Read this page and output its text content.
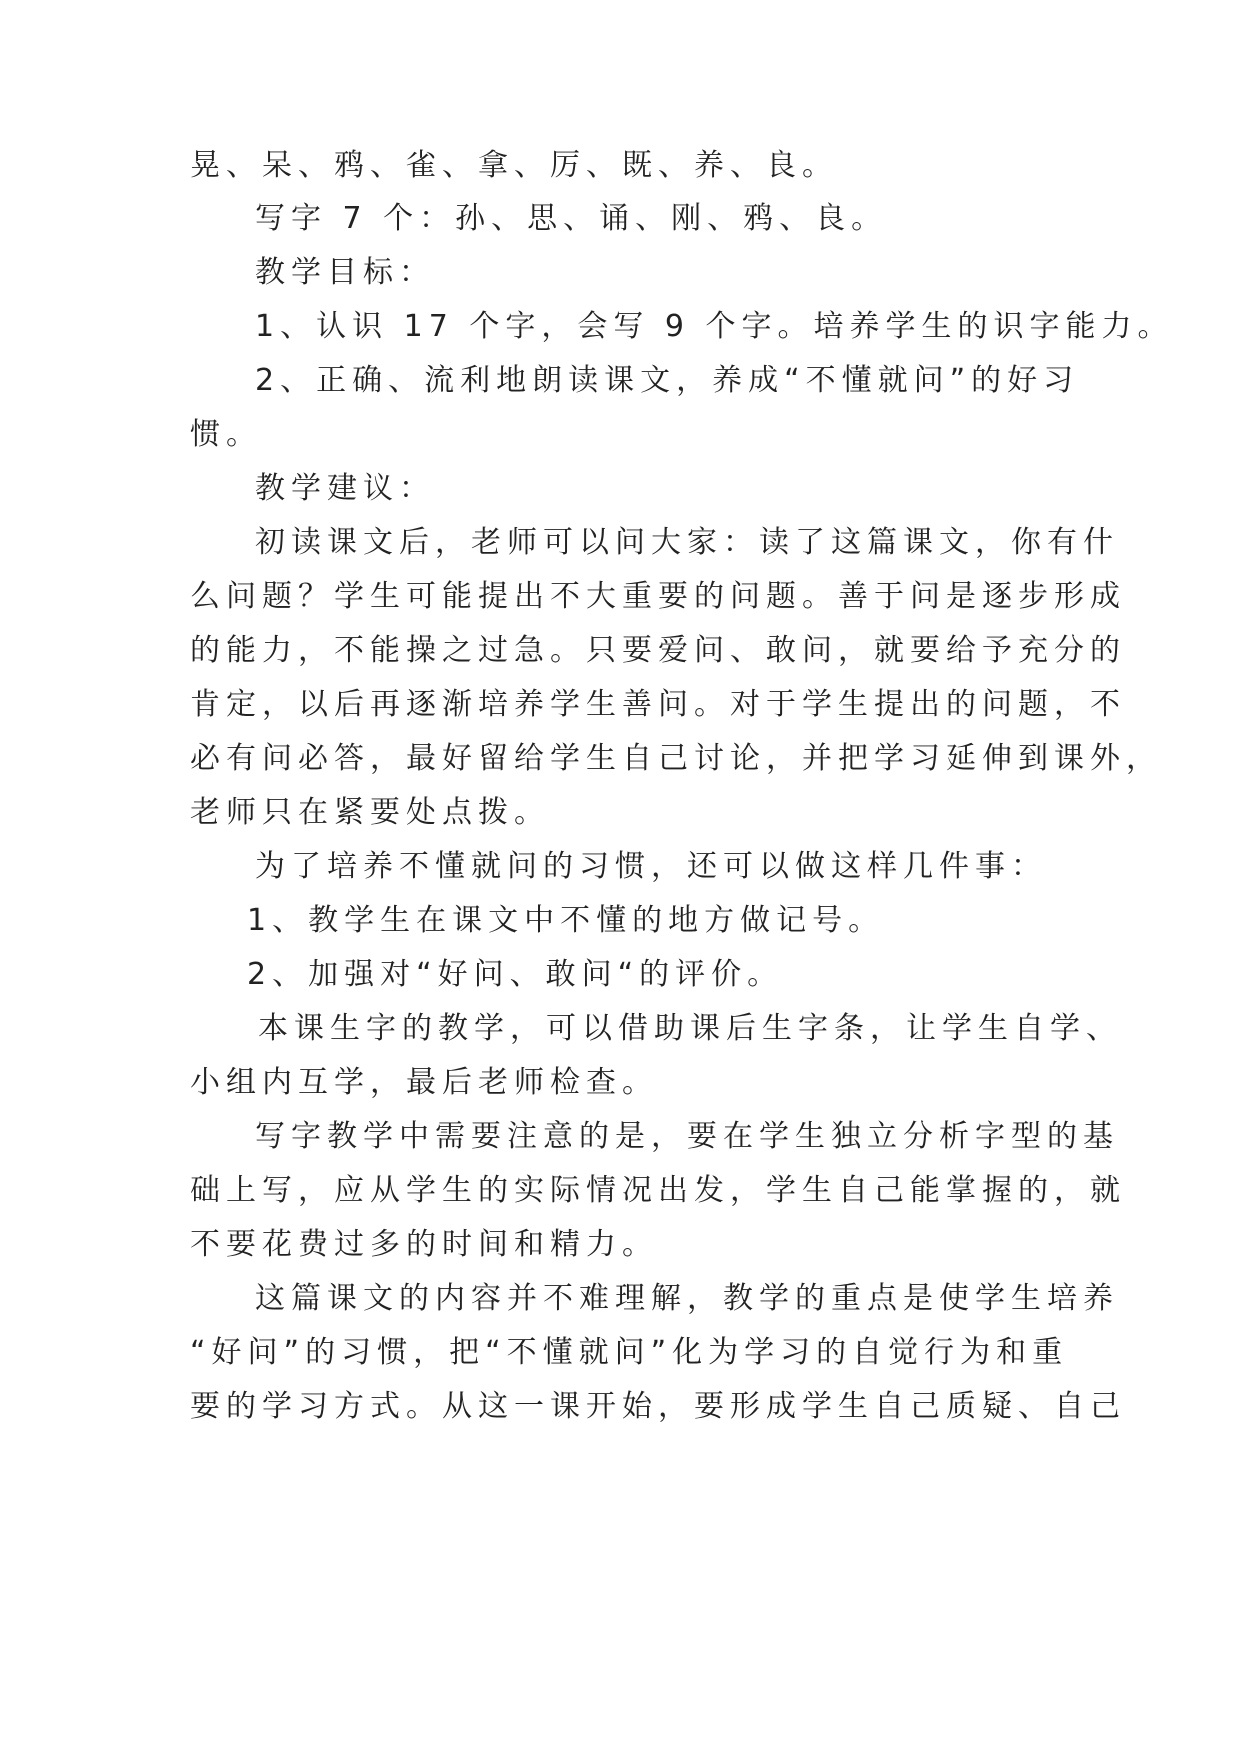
晃、呆、鸦、雀、拿、厉、既、养、良。
写字 7 个：孙、思、诵、刚、鸦、良。
教学目标：
1、认识 17 个字，会写 9 个字。培养学生的识字能力。
2、正确、流利地朗读课文，养成“不懂就问”的好习
惯。
教学建议：
初读课文后，老师可以问大家：读了这篇课文，你有什
么问题？学生可能提出不大重要的问题。善于问是逐步形成
的能力，不能操之过急。只要爱问、敢问，就要给予充分的
肯定，以后再逐渐培养学生善问。对于学生提出的问题，不
必有问必答，最好留给学生自己讨论，并把学习延伸到课外，
老师只在紧要处点拨。
为了培养不懂就问的习惯，还可以做这样几件事：
1、教学生在课文中不懂的地方做记号。
2、加强对“好问、敢问“的评价。
本课生字的教学，可以借助课后生字条，让学生自学、
小组内互学，最后老师检查。
写字教学中需要注意的是，要在学生独立分析字型的基
础上写，应从学生的实际情况出发，学生自己能掌握的，就
不要花费过多的时间和精力。
这篇课文的内容并不难理解，教学的重点是使学生培养
“好问”的习惯，把“不懂就问”化为学习的自觉行为和重
要的学习方式。从这一课开始，要形成学生自己质疑、自己
